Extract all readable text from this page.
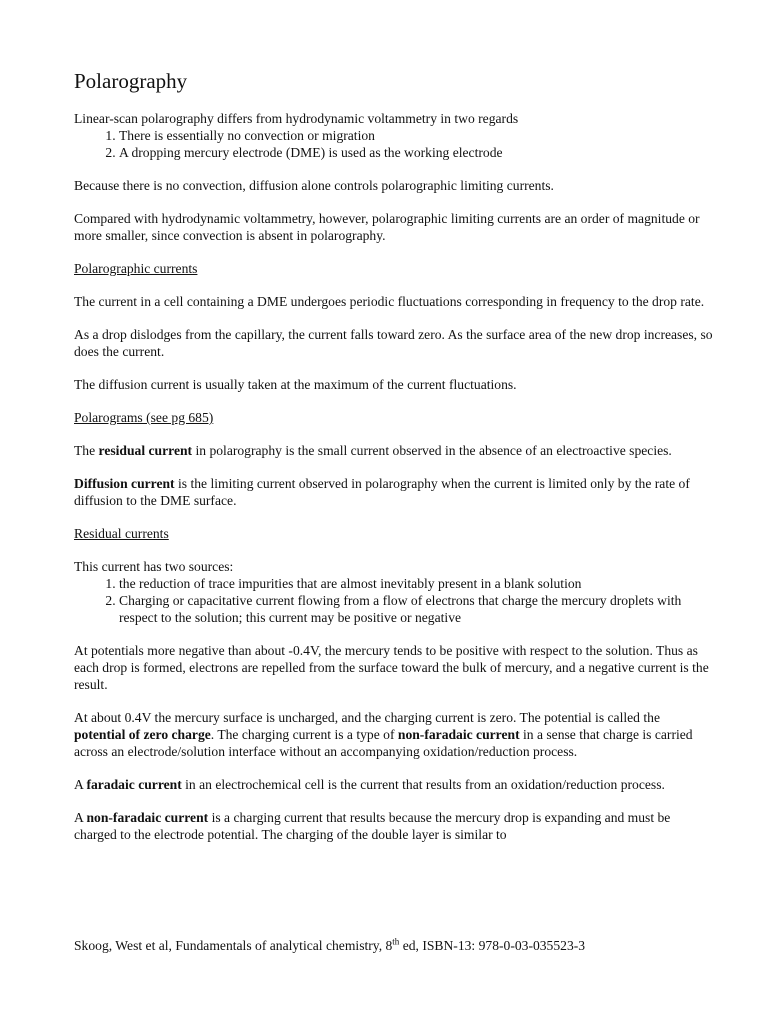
Polarography

Linear-scan polarography differs from hydrodynamic voltammetry in two regards

1. There is essentially no convection or migration
2. A dropping mercury electrode (DME) is used as the working electrode

Because there is no convection, diffusion alone controls polarographic limiting currents.

Compared with hydrodynamic voltammetry, however, polarographic limiting currents are an order of magnitude or more smaller, since convection is absent in polarography.

Polarographic currents

The current in a cell containing a DME undergoes periodic fluctuations corresponding in frequency to the drop rate.

As a drop dislodges from the capillary, the current falls toward zero. As the surface area of the new drop increases, so does the current.

The diffusion current is usually taken at the maximum of the current fluctuations.

Polarograms (see pg 685)

The residual current in polarography is the small current observed in the absence of an electroactive species.

Diffusion current is the limiting current observed in polarography when the current is limited only by the rate of diffusion to the DME surface.

Residual currents

This current has two sources:

1. the reduction of trace impurities that are almost inevitably present in a blank solution
2. Charging or capacitative current flowing from a flow of electrons that charge the mercury droplets with respect to the solution; this current may be positive or negative

At potentials more negative than about -0.4V, the mercury tends to be positive with respect to the solution. Thus as each drop is formed, electrons are repelled from the surface toward the bulk of mercury, and a negative current is the result.

At about 0.4V the mercury surface is uncharged, and the charging current is zero. The potential is called the potential of zero charge. The charging current is a type of non-faradaic current in a sense that charge is carried across an electrode/solution interface without an accompanying oxidation/reduction process.

A faradaic current in an electrochemical cell is the current that results from an oxidation/reduction process.

A non-faradaic current is a charging current that results because the mercury drop is expanding and must be charged to the electrode potential. The charging of the double layer is similar to

Skoog, West et al, Fundamentals of analytical chemistry, 8th ed, ISBN-13: 978-0-03-035523-3
